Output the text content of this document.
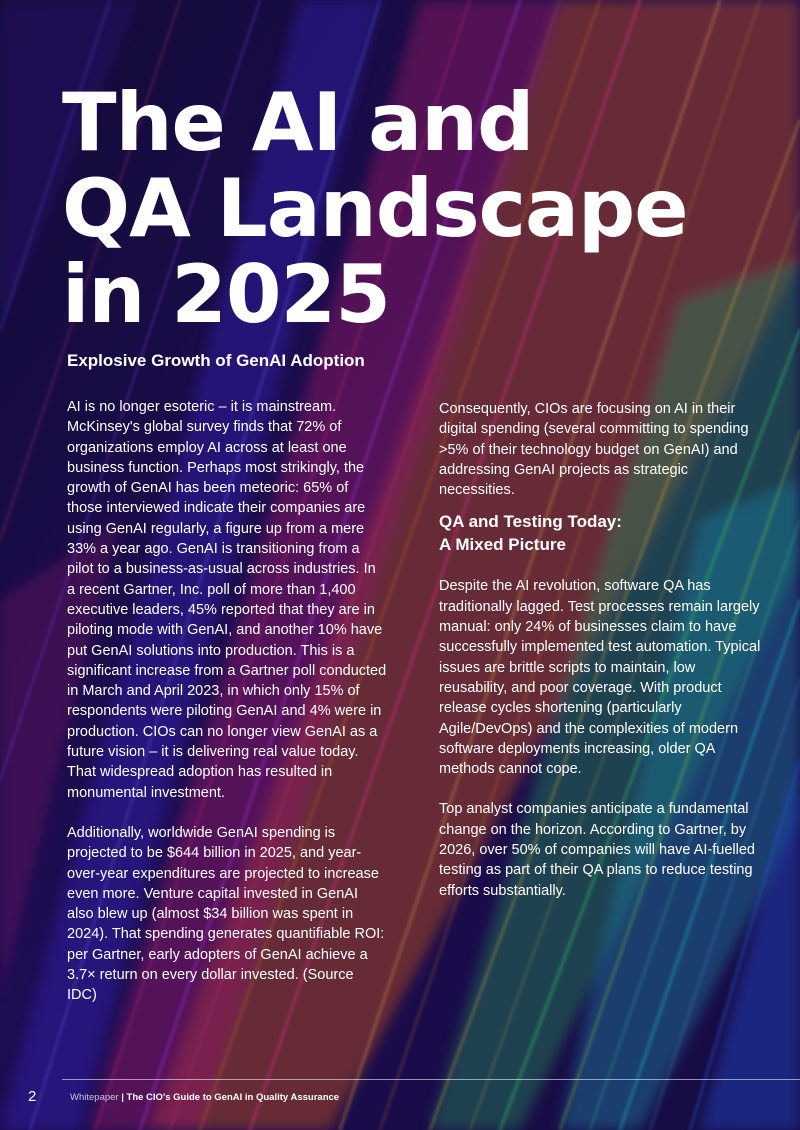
The AI and
QA Landscape
in 2025
Explosive Growth of GenAI Adoption

AI is no longer esoteric – it is mainstream. McKinsey's global survey finds that 72% of organizations employ AI across at least one business function. Perhaps most strikingly, the growth of GenAI has been meteoric: 65% of those interviewed indicate their companies are using GenAI regularly, a figure up from a mere 33% a year ago. GenAI is transitioning from a pilot to a business-as-usual across industries. In a recent Gartner, Inc. poll of more than 1,400 executive leaders, 45% reported that they are in piloting mode with GenAI, and another 10% have put GenAI solutions into production. This is a significant increase from a Gartner poll conducted in March and April 2023, in which only 15% of respondents were piloting GenAI and 4% were in production. CIOs can no longer view GenAI as a future vision – it is delivering real value today. That widespread adoption has resulted in monumental investment.

Additionally, worldwide GenAI spending is projected to be $644 billion in 2025, and year-over-year expenditures are projected to increase even more. Venture capital invested in GenAI also blew up (almost $34 billion was spent in 2024). That spending generates quantifiable ROI: per Gartner, early adopters of GenAI achieve a 3.7× return on every dollar invested. (Source IDC)

Consequently, CIOs are focusing on AI in their digital spending (several committing to spending >5% of their technology budget on GenAI) and addressing GenAI projects as strategic necessities.

QA and Testing Today:
A Mixed Picture

Despite the AI revolution, software QA has traditionally lagged. Test processes remain largely manual: only 24% of businesses claim to have successfully implemented test automation. Typical issues are brittle scripts to maintain, low reusability, and poor coverage. With product release cycles shortening (particularly Agile/DevOps) and the complexities of modern software deployments increasing, older QA methods cannot cope.

Top analyst companies anticipate a fundamental change on the horizon. According to Gartner, by 2026, over 50% of companies will have AI-fuelled testing as part of their QA plans to reduce testing efforts substantially.

2	Whitepaper | The CIO's Guide to GenAI in Quality Assurance
